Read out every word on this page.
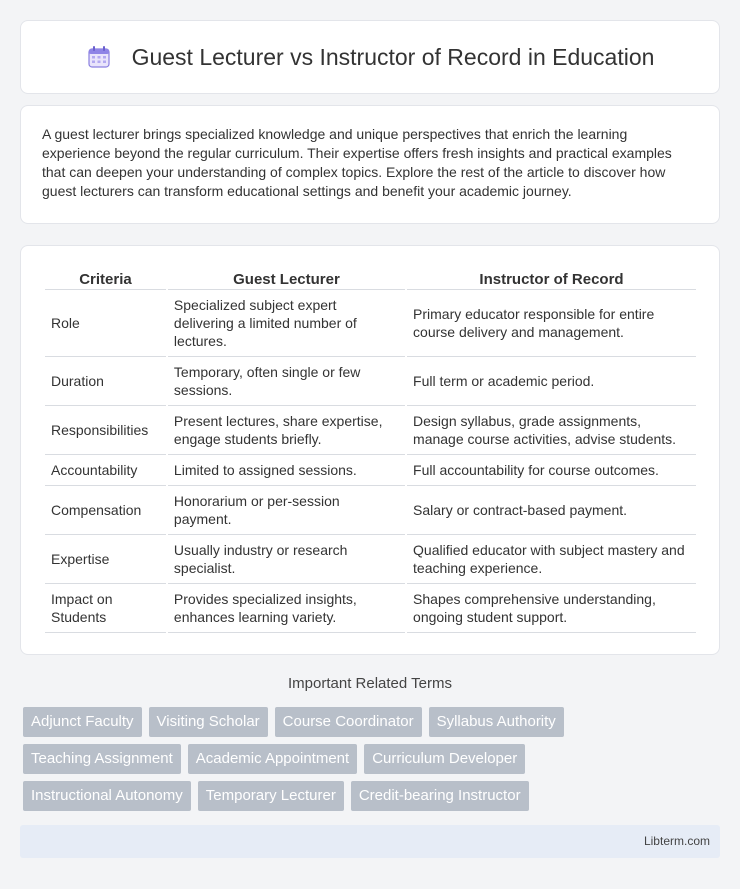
Guest Lecturer vs Instructor of Record in Education

A guest lecturer brings specialized knowledge and unique perspectives that enrich the learning experience beyond the regular curriculum. Their expertise offers fresh insights and practical examples that can deepen your understanding of complex topics. Explore the rest of the article to discover how guest lecturers can transform educational settings and benefit your academic journey.

Criteria	Guest Lecturer	Instructor of Record
Role	Specialized subject expert delivering a limited number of lectures.	Primary educator responsible for entire course delivery and management.
Duration	Temporary, often single or few sessions.	Full term or academic period.
Responsibilities	Present lectures, share expertise, engage students briefly.	Design syllabus, grade assignments, manage course activities, advise students.
Accountability	Limited to assigned sessions.	Full accountability for course outcomes.
Compensation	Honorarium or per-session payment.	Salary or contract-based payment.
Expertise	Usually industry or research specialist.	Qualified educator with subject mastery and teaching experience.
Impact on Students	Provides specialized insights, enhances learning variety.	Shapes comprehensive understanding, ongoing student support.
Important Related Terms
Adjunct Faculty	Visiting Scholar	Course Coordinator	Syllabus Authority
Teaching Assignment	Academic Appointment	Curriculum Developer
Instructional Autonomy	Temporary Lecturer	Credit-bearing Instructor
Libterm.com
